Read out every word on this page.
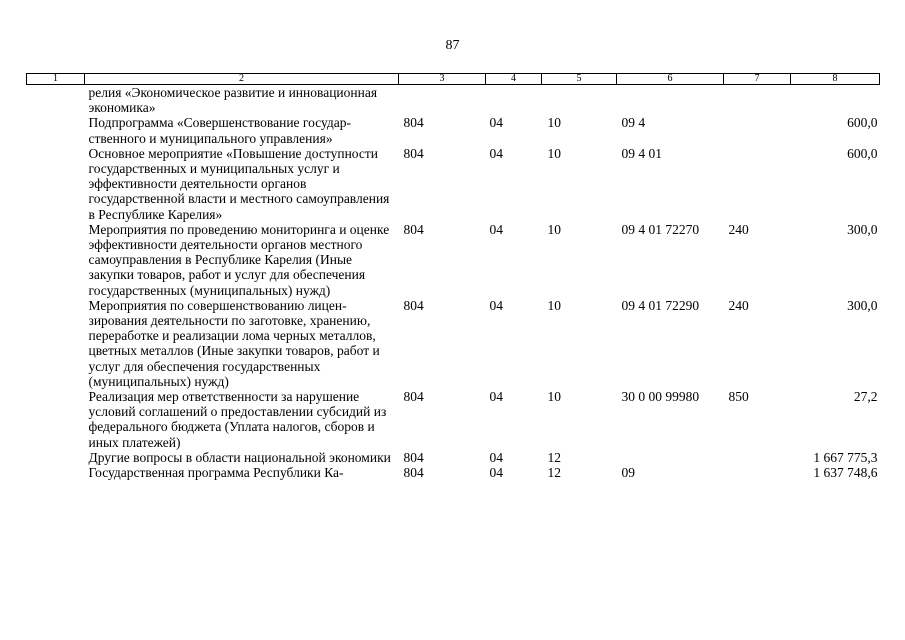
87
1	2	3	4	5	6	7	8
	релия «Экономическое развитие и инновационная экономика»						
	Подпрограмма «Совершенствование государственного и муниципального управления»	804	04	10	09 4		600,0
	Основное мероприятие «Повышение доступности государственных и муниципальных услуг и эффективности деятельности органов государственной власти и местного самоуправления в Республике Карелия»	804	04	10	09 4 01		600,0
	Мероприятия по проведению мониторинга и оценке эффективности деятельности органов местного самоуправления в Республике Карелия (Иные закупки товаров, работ и услуг для обеспечения государственных (муниципальных) нужд)	804	04	10	09 4 01 72270	240	300,0
	Мероприятия по совершенствованию лицензирования деятельности по заготовке, хранению, переработке и реализации лома черных металлов, цветных металлов (Иные закупки товаров, работ и услуг для обеспечения государственных (муниципальных) нужд)	804	04	10	09 4 01 72290	240	300,0
	Реализация мер ответственности за нарушение условий соглашений о предоставлении субсидий из федерального бюджета (Уплата налогов, сборов и иных платежей)	804	04	10	30 0 00 99980	850	27,2
	Другие вопросы в области национальной экономики	804	04	12			1 667 775,3
	Государственная программа Республики Ка-	804	04	12	09		1 637 748,6
